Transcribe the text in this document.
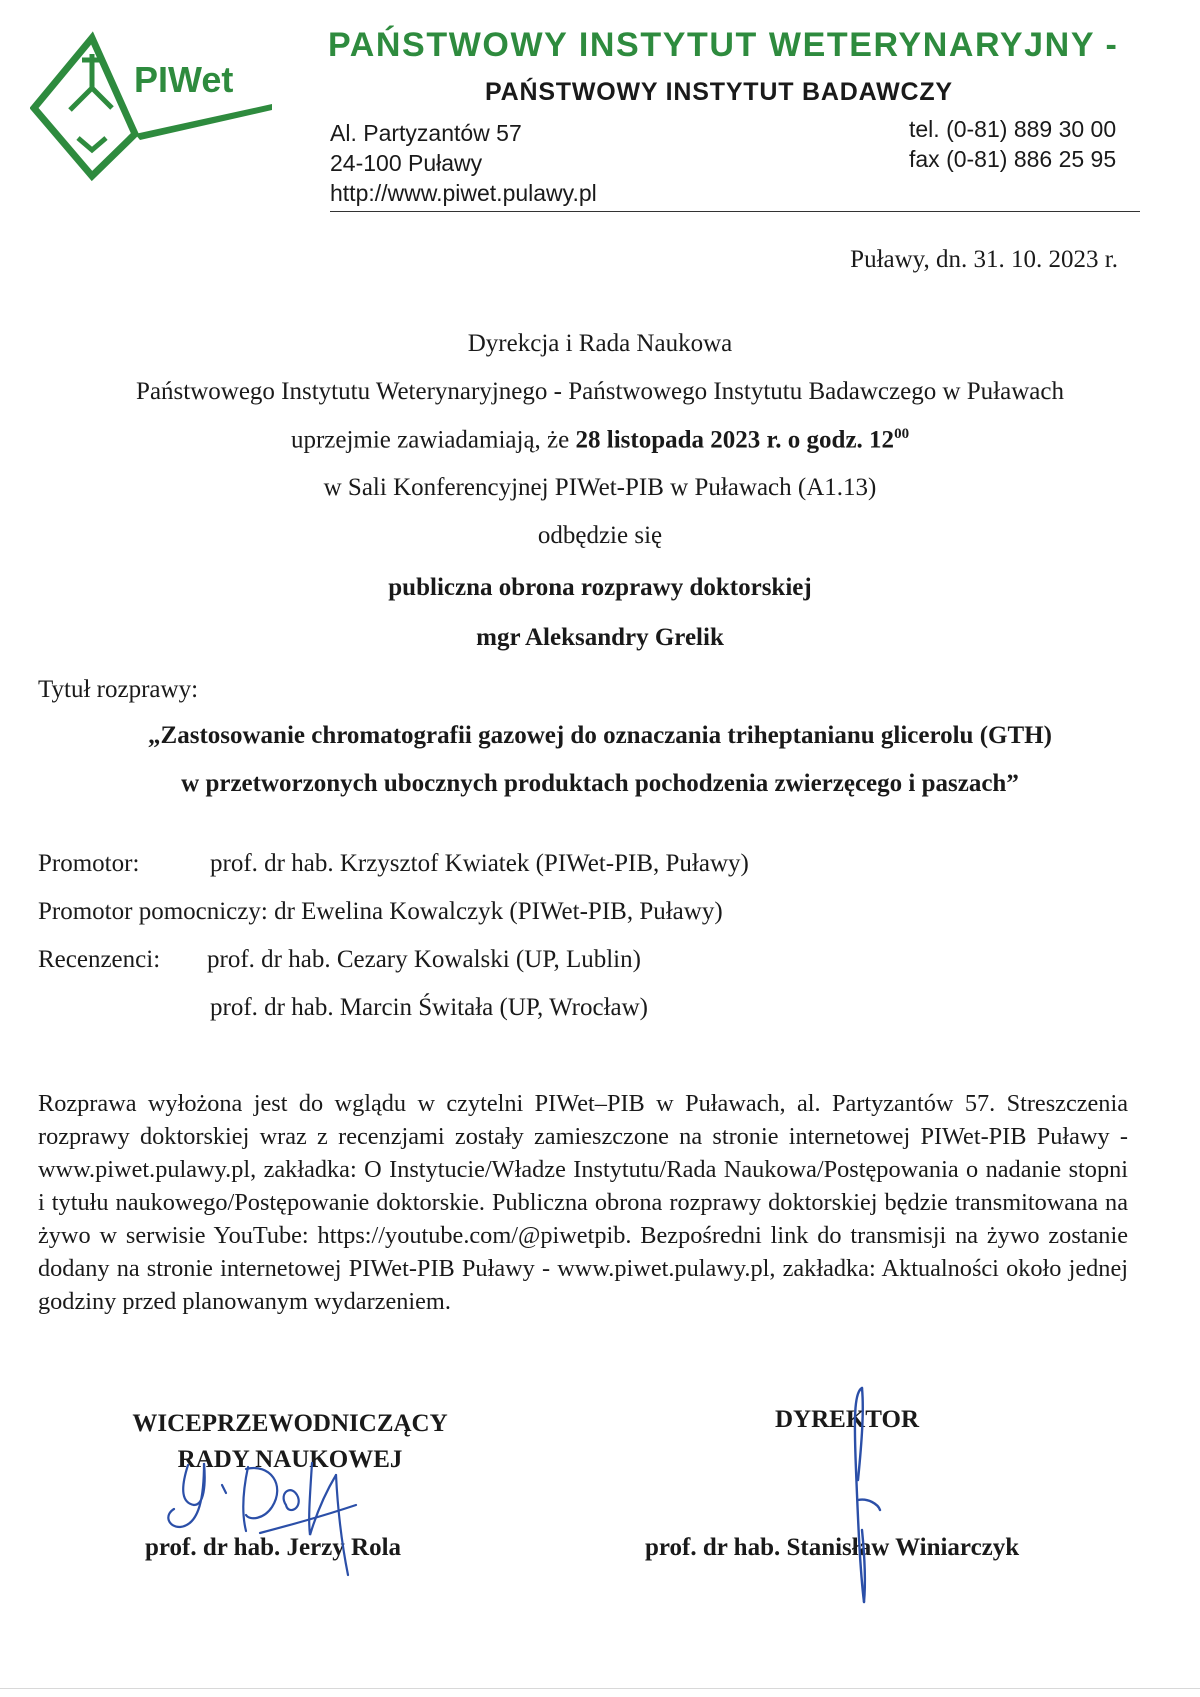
PIWet
PAŃSTWOWY INSTYTUT WETERYNARYJNY -
PAŃSTWOWY INSTYTUT BADAWCZY
Al. Partyzantów 57
24-100 Puławy
http://www.piwet.pulawy.pl
tel. (0-81) 889 30 00
fax (0-81) 886 25 95
Puławy, dn. 31. 10. 2023 r.
Dyrekcja i Rada Naukowa
Państwowego Instytutu Weterynaryjnego - Państwowego Instytutu Badawczego w Puławach
uprzejmie zawiadamiają, że 28 listopada 2023 r. o godz. $12^{00}$
w Sali Konferencyjnej PIWet-PIB w Puławach (A1.13)
odbędzie się
publiczna obrona rozprawy doktorskiej
mgr Aleksandry Grelik
Tytuł rozprawy:
„Zastosowanie chromatografii gazowej do oznaczania triheptanianu glicerolu (GTH)
w przetworzonych ubocznych produktach pochodzenia zwierzęcego i paszach”
Promotor:	prof. dr hab. Krzysztof Kwiatek (PIWet-PIB, Puławy)
Promotor pomocniczy: dr Ewelina Kowalczyk (PIWet-PIB, Puławy)
Recenzenci: prof. dr hab. Cezary Kowalski (UP, Lublin)
prof. dr hab. Marcin Świtała (UP, Wrocław)
Rozprawa wyłożona jest do wglądu w czytelni PIWet–PIB w Puławach, al. Partyzantów 57. Streszczenia rozprawy doktorskiej wraz z recenzjami zostały zamieszczone na stronie internetowej PIWet-PIB Puławy - www.piwet.pulawy.pl, zakładka: O Instytucie/Władze Instytutu/Rada Naukowa/Postępowania o nadanie stopni i tytułu naukowego/Postępowanie doktorskie. Publiczna obrona rozprawy doktorskiej będzie transmitowana na żywo w serwisie YouTube: https://youtube.com/@piwetpib. Bezpośredni link do transmisji na żywo zostanie dodany na stronie internetowej PIWet-PIB Puławy - www.piwet.pulawy.pl, zakładka: Aktualności około jednej godziny przed planowanym wydarzeniem.
WICEPRZEWODNICZĄCY
RADY NAUKOWEJ
prof. dr hab. Jerzy Rola
DYREKTOR
prof. dr hab. Stanisław Winiarczyk
